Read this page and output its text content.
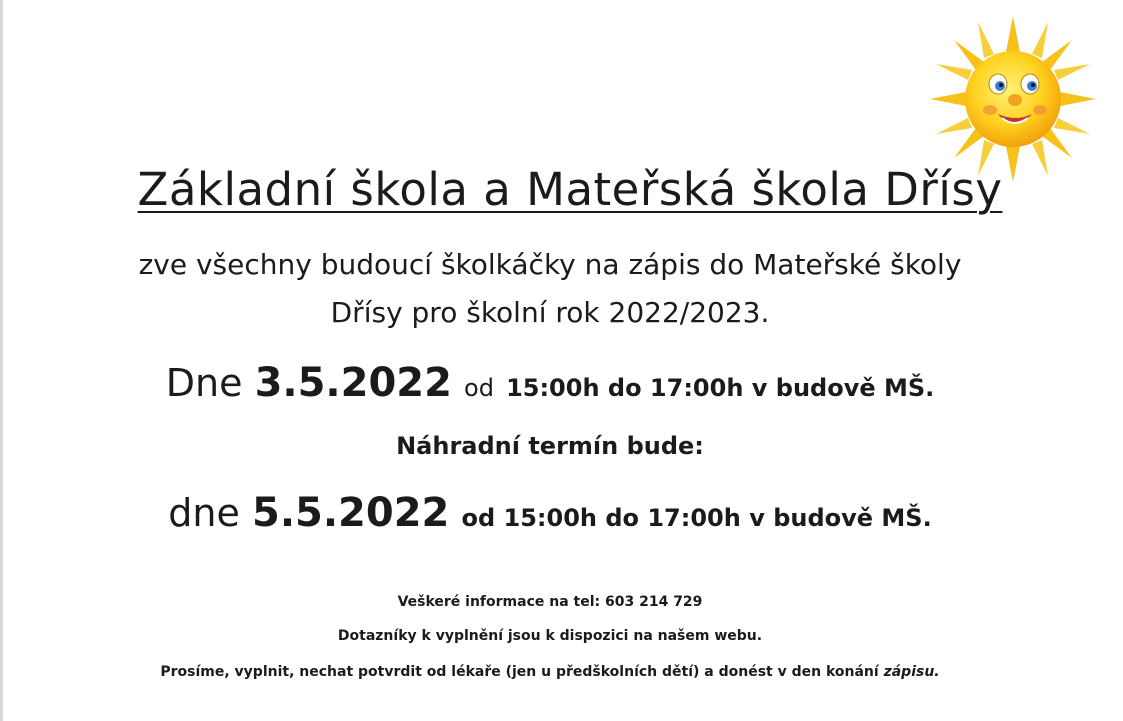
Základní škola a Mateřská škola Dřísy
zve všechny budoucí školkáčky na zápis do Mateřské školy
Dřísy pro školní rok 2022/2023.
Dne 3.5.2022 od 15:00h do 17:00h v budově MŠ.
Náhradní termín bude:
dne 5.5.2022 od 15:00h do 17:00h v budově MŠ.
Veškeré informace na tel: 603 214 729
Dotazníky k vyplnění jsou k dispozici na našem webu.
Prosíme, vyplnit, nechat potvrdit od lékaře (jen u předškolních dětí) a donést v den konání zápisu.
